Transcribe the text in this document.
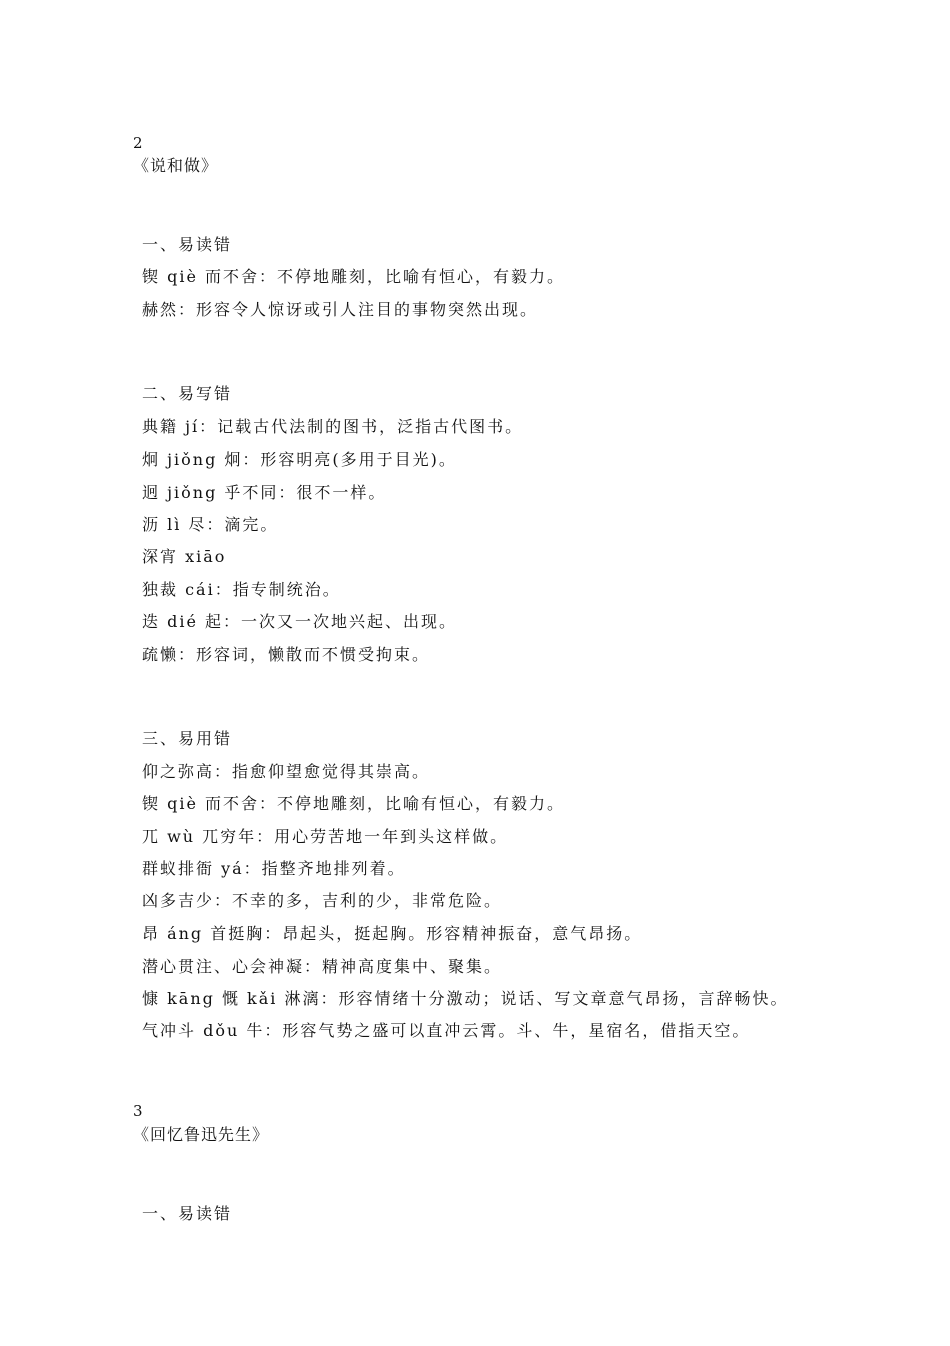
2
《说和做》
一、易读错
锲 qiè 而不舍：不停地雕刻，比喻有恒心，有毅力。
赫然：形容令人惊讶或引人注目的事物突然出现。
二、易写错
典籍 jí：记载古代法制的图书，泛指古代图书。
炯 jiǒng 炯：形容明亮(多用于目光)。
迥 jiǒng 乎不同：很不一样。
沥 lì 尽：滴完。
深宵 xiāo
独裁 cái：指专制统治。
迭 dié 起：一次又一次地兴起、出现。
疏懒：形容词，懒散而不惯受拘束。
三、易用错
仰之弥高：指愈仰望愈觉得其崇高。
锲 qiè 而不舍：不停地雕刻，比喻有恒心，有毅力。
兀 wù 兀穷年：用心劳苦地一年到头这样做。
群蚁排衙 yá：指整齐地排列着。
凶多吉少：不幸的多，吉利的少，非常危险。
昂 áng 首挺胸：昂起头，挺起胸。形容精神振奋，意气昂扬。
潜心贯注、心会神凝：精神高度集中、聚集。
慷 kāng 慨 kǎi 淋漓：形容情绪十分激动；说话、写文章意气昂扬，言辞畅快。
气冲斗 dǒu 牛：形容气势之盛可以直冲云霄。斗、牛，星宿名，借指天空。
3
《回忆鲁迅先生》
一、易读错
